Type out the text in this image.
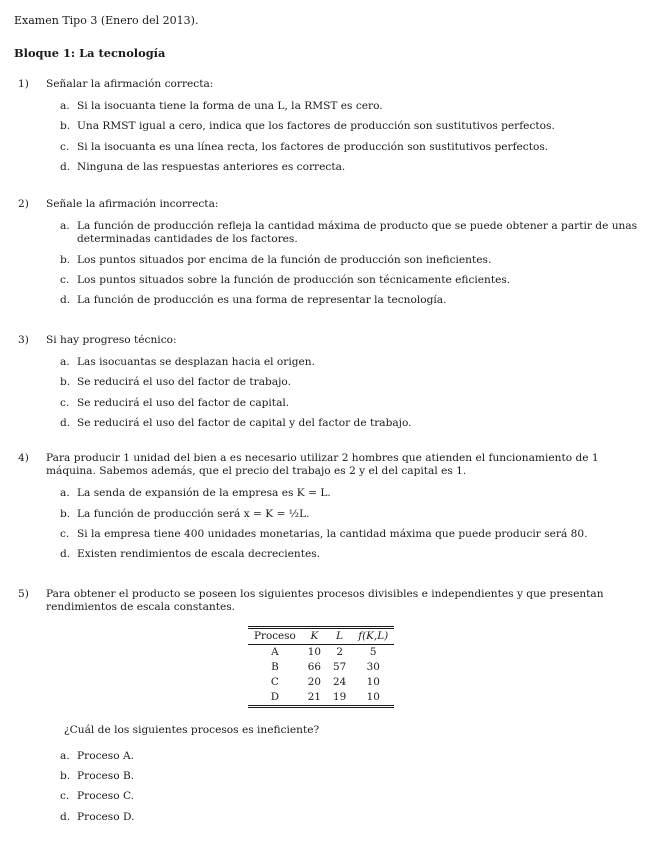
Examen Tipo 3 (Enero del 2013).
Bloque 1: La tecnología
1)	Señalar la afirmación correcta:
a. Si la isocuanta tiene la forma de una L, la RMST es cero.
b. Una RMST igual a cero, indica que los factores de producción son sustitutivos perfectos.
c. Si la isocuanta es una línea recta, los factores de producción son sustitutivos perfectos.
d. Ninguna de las respuestas anteriores es correcta.
2)	Señale la afirmación incorrecta:
a. La función de producción refleja la cantidad máxima de producto que se puede obtener a partir de unas determinadas cantidades de los factores.
b. Los puntos situados por encima de la función de producción son ineficientes.
c. Los puntos situados sobre la función de producción son técnicamente eficientes.
d. La función de producción es una forma de representar la tecnología.
3)	Si hay progreso técnico:
a. Las isocuantas se desplazan hacia el origen.
b. Se reducirá el uso del factor de trabajo.
c. Se reducirá el uso del factor de capital.
d. Se reducirá el uso del factor de capital y del factor de trabajo.
4)	Para producir 1 unidad del bien a es necesario utilizar 2 hombres que atienden el funcionamiento de 1 máquina. Sabemos además, que el precio del trabajo es 2 y el del capital es 1.
a. La senda de expansión de la empresa es K = L.
b. La función de producción será x = K = ½L.
c. Si la empresa tiene 400 unidades monetarias, la cantidad máxima que puede producir será 80.
d. Existen rendimientos de escala decrecientes.
5)	Para obtener el producto se poseen los siguientes procesos divisibles e independientes y que presentan rendimientos de escala constantes.
Proceso	K	L	f(K,L)
A	10	2	5
B	66	57	30
C	20	24	10
D	21	19	10
¿Cuál de los siguientes procesos es ineficiente?
a. Proceso A.
b. Proceso B.
c. Proceso C.
d. Proceso D.
